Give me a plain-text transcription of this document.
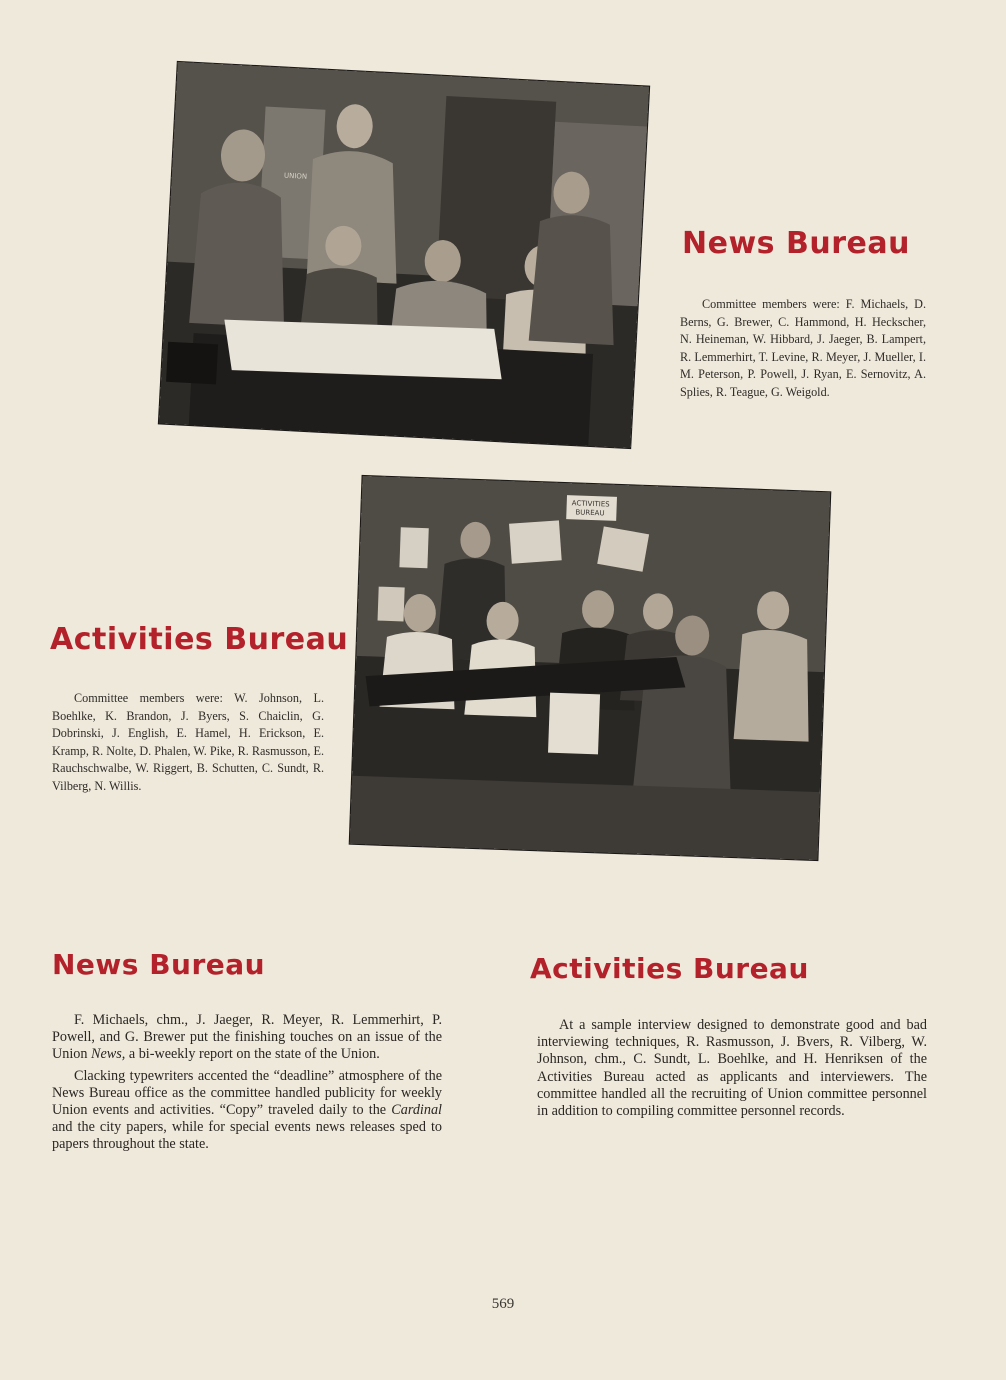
UNION
News Bureau

Committee members were: F. Michaels, D. Berns, G. Brewer, C. Hammond, H. Heckscher, N. Heineman, W. Hibbard, J. Jaeger, B. Lampert, R. Lemmerhirt, T. Levine, R. Meyer, J. Mueller, I. M. Peterson, P. Powell, J. Ryan, E. Sernovitz, A. Splies, R. Teague, G. Weigold.

ACTIVITIES
BUREAU
Activities Bureau

Committee members were: W. Johnson, L. Boehlke, K. Brandon, J. Byers, S. Chaiclin, G. Dobrinski, J. English, E. Hamel, H. Erickson, E. Kramp, R. Nolte, D. Phalen, W. Pike, R. Rasmusson, E. Rauchschwalbe, W. Riggert, B. Schutten, C. Sundt, R. Vilberg, N. Willis.

News Bureau

F. Michaels, chm., J. Jaeger, R. Meyer, R. Lemmerhirt, P. Powell, and G. Brewer put the finishing touches on an issue of the Union News, a bi-weekly report on the state of the Union.

Clacking typewriters accented the “deadline” atmosphere of the News Bureau office as the committee handled publicity for weekly Union events and activities. “Copy” traveled daily to the Cardinal and the city papers, while for special events news releases sped to papers throughout the state.

Activities Bureau

At a sample interview designed to demonstrate good and bad interviewing techniques, R. Rasmusson, J. Bvers, R. Vilberg, W. Johnson, chm., C. Sundt, L. Boehlke, and H. Henriksen of the Activities Bureau acted as applicants and interviewers. The committee handled all the recruiting of Union committee personnel in addition to compiling committee personnel records.

569
